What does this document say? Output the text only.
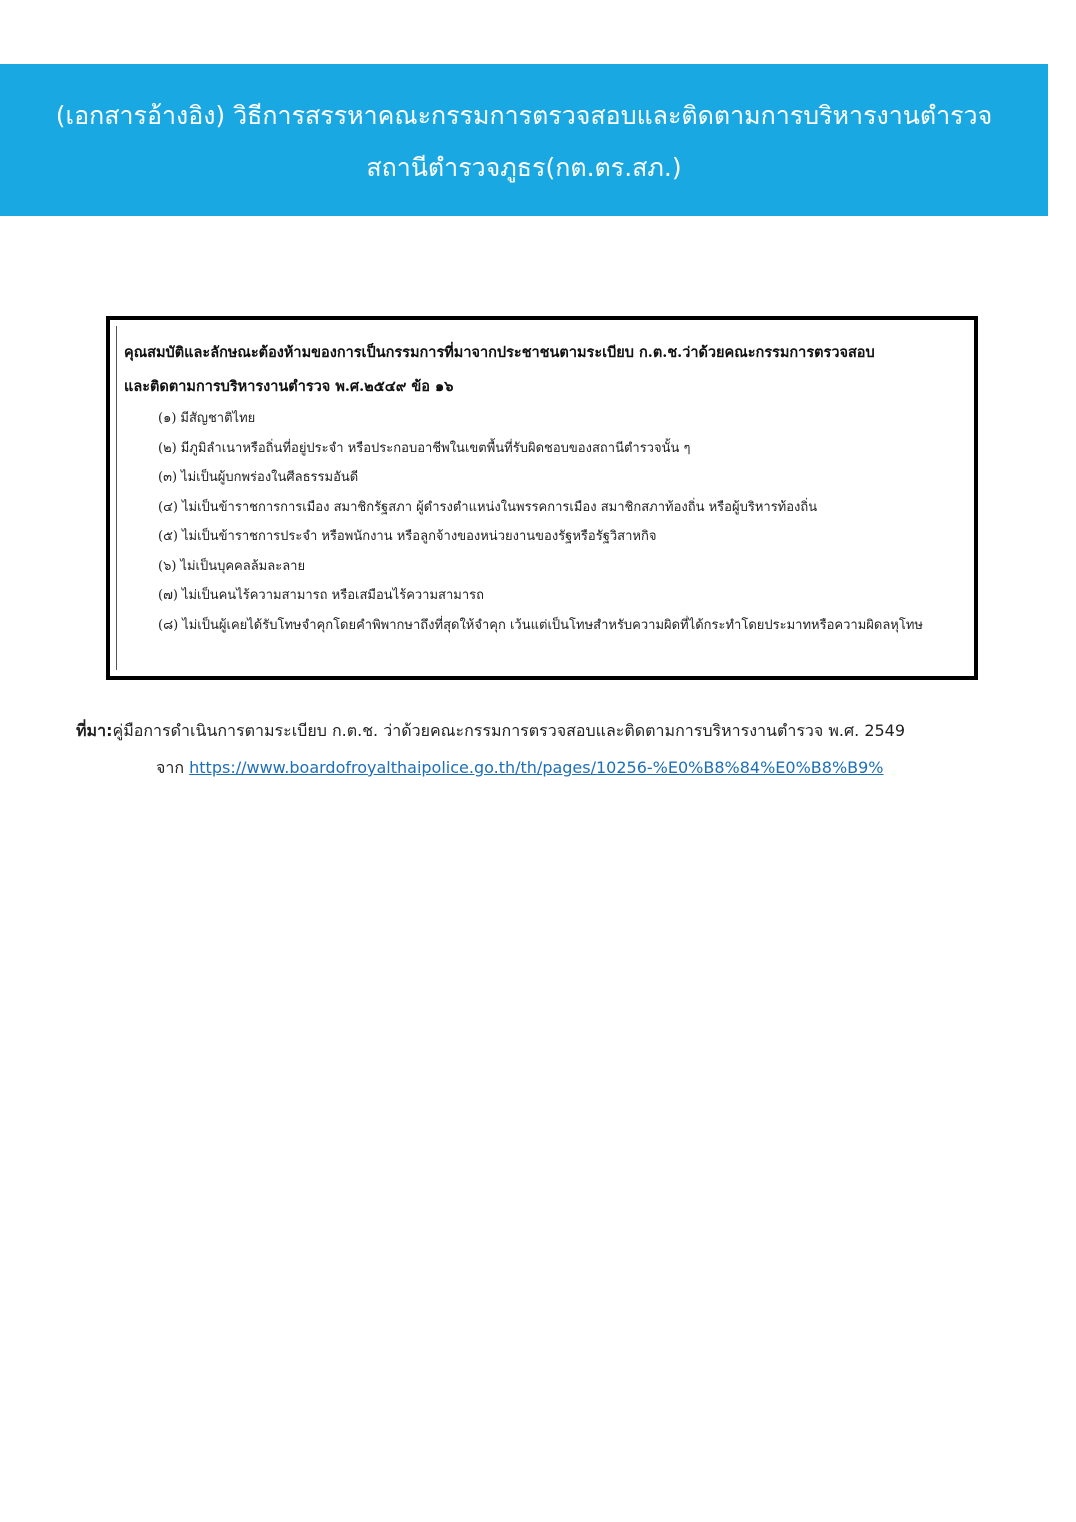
(เอกสารอ้างอิง) วิธีการสรรหาคณะกรรมการตรวจสอบและติดตามการบริหารงานตำรวจ
สถานีตำรวจภูธร(กต.ตร.สภ.)
คุณสมบัติและลักษณะต้องห้ามของการเป็นกรรมการที่มาจากประชาชนตามระเบียบ ก.ต.ช.ว่าด้วยคณะกรรมการตรวจสอบ
และติดตามการบริหารงานตำรวจ พ.ศ.๒๕๔๙ ข้อ ๑๖
(๑) มีสัญชาติไทย
(๒) มีภูมิลำเนาหรือถิ่นที่อยู่ประจำ หรือประกอบอาชีพในเขตพื้นที่รับผิดชอบของสถานีตำรวจนั้น ๆ
(๓) ไม่เป็นผู้บกพร่องในศีลธรรมอันดี
(๔) ไม่เป็นข้าราชการการเมือง สมาชิกรัฐสภา ผู้ดำรงตำแหน่งในพรรคการเมือง สมาชิกสภาท้องถิ่น หรือผู้บริหารท้องถิ่น
(๕) ไม่เป็นข้าราชการประจำ หรือพนักงาน หรือลูกจ้างของหน่วยงานของรัฐหรือรัฐวิสาหกิจ
(๖) ไม่เป็นบุคคลล้มละลาย
(๗) ไม่เป็นคนไร้ความสามารถ หรือเสมือนไร้ความสามารถ
(๘) ไม่เป็นผู้เคยได้รับโทษจำคุกโดยคำพิพากษาถึงที่สุดให้จำคุก เว้นแต่เป็นโทษสำหรับความผิดที่ได้กระทำโดยประมาทหรือความผิดลหุโทษ
ที่มา:คู่มือการดำเนินการตามระเบียบ ก.ต.ช. ว่าด้วยคณะกรรมการตรวจสอบและติดตามการบริหารงานตำรวจ พ.ศ. 2549
จาก https://www.boardofroyalthaipolice.go.th/th/pages/10256-%E0%B8%84%E0%B8%B9%
